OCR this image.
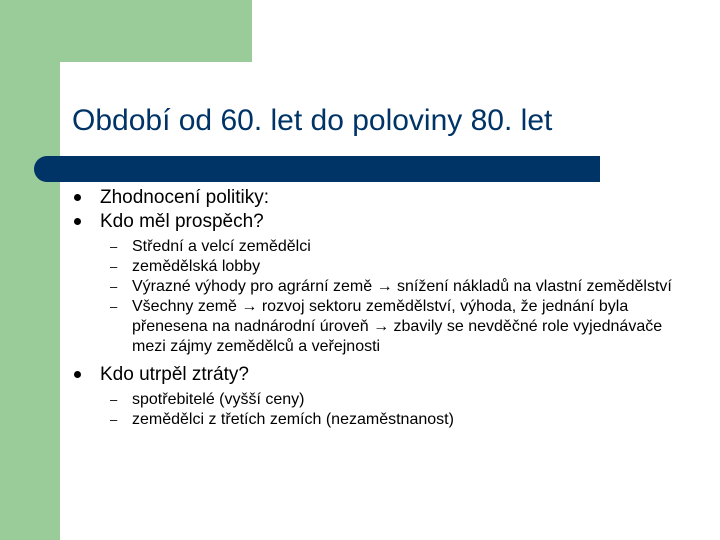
Období od 60. let do poloviny 80. let
Zhodnocení politiky:
Kdo měl prospěch?
– Střední a velcí zemědělci
– zemědělská lobby
– Výrazné výhody pro agrární země → snížení nákladů na vlastní zemědělství
– Všechny země → rozvoj sektoru zemědělství, výhoda, že jednání byla přenesena na nadnárodní úroveň → zbavily se nevděčné role vyjednávače mezi zájmy zemědělců a veřejnosti
Kdo utrpěl ztráty?
– spotřebitelé (vyšší ceny)
– zemědělci z třetích zemích (nezaměstnanost)
